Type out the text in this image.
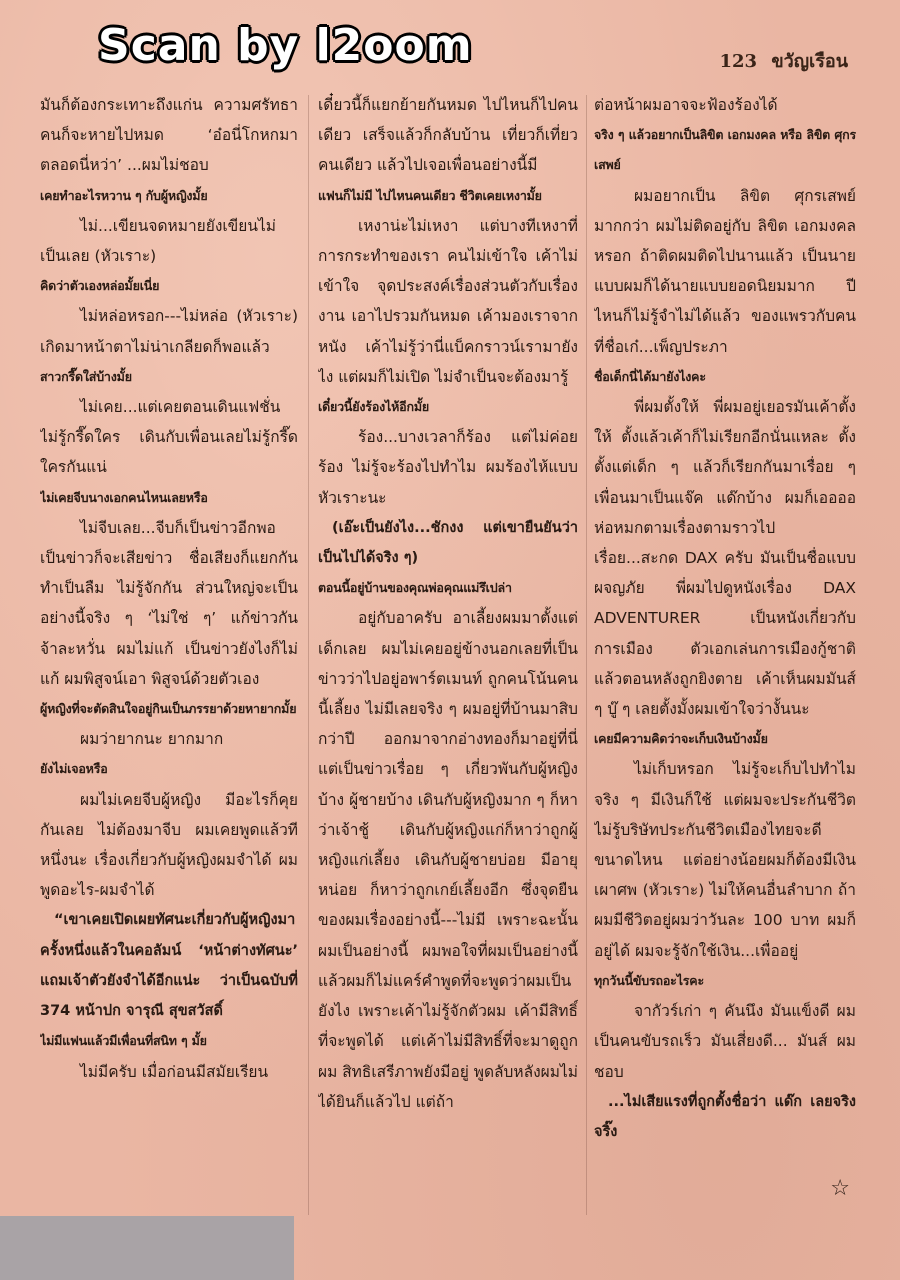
Scan by l2oom	123 ขวัญเรือน

มันก็ต้องกระเทาะถึงแก่น ความศรัทธาคนก็จะหายไปหมด ‘อ๋อนี่โกหกมาตลอดนี่หว่า’ ...ผมไม่ชอบ

เคยทำอะไรหวาน ๆ กับผู้หญิงมั้ย

ไม่...เขียนจดหมายยังเขียนไม่เป็นเลย (หัวเราะ)

คิดว่าตัวเองหล่อมั้ยเนี่ย

ไม่หล่อหรอก---ไม่หล่อ (หัวเราะ) เกิดมาหน้าตาไม่น่าเกลียดก็พอแล้ว

สาวกรี๊ดใส่บ้างมั้ย

ไม่เคย...แต่เคยตอนเดินแฟชั่นไม่รู้กรี๊ดใคร เดินกับเพื่อนเลยไม่รู้กรี๊ดใครกันแน่

ไม่เคยจีบนางเอกคนไหนเลยหรือ

ไม่จีบเลย...จีบก็เป็นข่าวอีกพอเป็นข่าวก็จะเสียข่าว ชื่อเสียงก็แยกกันทำเป็นลืม ไม่รู้จักกัน ส่วนใหญ่จะเป็นอย่างนี้จริง ๆ ‘ไม่ใช่ ๆ’ แก้ข่าวกันจ้าละหวั่น ผมไม่แก้ เป็นข่าวยังไงก็ไม่แก้ ผมพิสูจน์เอา พิสูจน์ด้วยตัวเอง

ผู้หญิงที่จะตัดสินใจอยู่กินเป็นภรรยาด้วยหายากมั้ย

ผมว่ายากนะ ยากมาก

ยังไม่เจอหรือ

ผมไม่เคยจีบผู้หญิง มีอะไรก็คุยกันเลย ไม่ต้องมาจีบ ผมเคยพูดแล้วทีหนึ่งนะ เรื่องเกี่ยวกับผู้หญิงผมจำได้ ผมพูดอะไร-ผมจำได้

“เขาเคยเปิดเผยทัศนะเกี่ยวกับผู้หญิงมาครั้งหนึ่งแล้วในคอลัมน์ ‘หน้าต่างทัศนะ’ แถมเจ้าตัวยังจำได้อีกแน่ะ ว่าเป็นฉบับที่ 374 หน้าปก จารุณี สุขสวัสดิ์

ไม่มีแฟนแล้วมีเพื่อนที่สนิท ๆ มั้ย

ไม่มีครับ เมื่อก่อนมีสมัยเรียน

เดี๋ยวนี้ก็แยกย้ายกันหมด ไปไหนก็ไปคนเดียว เสร็จแล้วก็กลับบ้าน เที่ยวก็เที่ยวคนเดียว แล้วไปเจอเพื่อนอย่างนี้มี

แฟนก็ไม่มี ไปไหนคนเดียว ชีวิตเคยเหงามั้ย

เหงาน่ะไม่เหงา แต่บางทีเหงาที่การกระทำของเรา คนไม่เข้าใจ เค้าไม่เข้าใจ จุดประสงค์เรื่องส่วนตัวกับเรื่องงาน เอาไปรวมกันหมด เค้ามองเราจากหนัง เค้าไม่รู้ว่านี่แบ็คกราวน์เรามายังไง แต่ผมก็ไม่เปิด ไม่จำเป็นจะต้องมารู้

เดี๋ยวนี้ยังร้องไห้อีกมั้ย

ร้อง...บางเวลาก็ร้อง แต่ไม่ค่อยร้อง ไม่รู้จะร้องไปทำไม ผมร้องไห้แบบหัวเราะนะ

(เอ๊ะเป็นยังไง...ชักงง แต่เขายืนยันว่าเป็นไปได้จริง ๆ)

ตอนนี้อยู่บ้านของคุณพ่อคุณแม่รึเปล่า

อยู่กับอาครับ อาเลี้ยงผมมาตั้งแต่เด็กเลย ผมไม่เคยอยู่ข้างนอกเลยที่เป็นข่าวว่าไปอยู่อพาร์ตเมนท์ ถูกคนโน้นคนนี้เลี้ยง ไม่มีเลยจริง ๆ ผมอยู่ที่บ้านมาสิบกว่าปี ออกมาจากอ่างทองก็มาอยู่ที่นี่ แต่เป็นข่าวเรื่อย ๆ เกี่ยวพันกับผู้หญิงบ้าง ผู้ชายบ้าง เดินกับผู้หญิงมาก ๆ ก็หาว่าเจ้าชู้ เดินกับผู้หญิงแก่ก็หาว่าถูกผู้หญิงแก่เลี้ยง เดินกับผู้ชายบ่อย มีอายุหน่อย ก็หาว่าถูกเกย์เลี้ยงอีก ซึ่งจุดยืนของผมเรื่องอย่างนี้---ไม่มี เพราะฉะนั้นผมเป็นอย่างนี้ ผมพอใจที่ผมเป็นอย่างนี้แล้วผมก็ไม่แคร์คำพูดที่จะพูดว่าผมเป็นยังไง เพราะเค้าไม่รู้จักตัวผม เค้ามีสิทธิ์ที่จะพูดได้ แต่เค้าไม่มีสิทธิ์ที่จะมาดูถูกผม สิทธิเสรีภาพยังมีอยู่ พูดลับหลังผมไม่ได้ยินก็แล้วไป แต่ถ้า

ต่อหน้าผมอาจจะฟ้องร้องได้

จริง ๆ แล้วอยากเป็นลิขิต เอกมงคล หรือ ลิขิต ศุกรเสพย์

ผมอยากเป็น ลิขิต ศุกรเสพย์มากกว่า ผมไม่ติดอยู่กับ ลิขิต เอกมงคล หรอก ถ้าติดผมติดไปนานแล้ว เป็นนายแบบผมก็ได้นายแบบยอดนิยมมาก ปีไหนก็ไม่รู้จำไม่ได้แล้ว ของแพรวกับคนที่ชื่อเก๋...เพ็ญประภา

ชื่อเด็กนี่ได้มายังไงคะ

พี่ผมตั้งให้ พี่ผมอยู่เยอรมันเค้าตั้งให้ ตั้งแล้วเค้าก็ไม่เรียกอีกนั่นแหละ ตั้งตั้งแต่เด็ก ๆ แล้วก็เรียกกันมาเรื่อย ๆ เพื่อนมาเป็นแจ๊ค แด๊กบ้าง ผมก็เออออห่อหมกตามเรื่องตามราวไปเรื่อย...สะกด DAX ครับ มันเป็นชื่อแบบผจญภัย พี่ผมไปดูหนังเรื่อง DAX ADVENTURER เป็นหนังเกี่ยวกับการเมือง ตัวเอกเล่นการเมืองกู้ชาติ แล้วตอนหลังถูกยิงตาย เค้าเห็นผมมันส์ ๆ บู๊ ๆ เลยตั้งมั้งผมเข้าใจว่างั้นนะ

เคยมีความคิดว่าจะเก็บเงินบ้างมั้ย

ไม่เก็บหรอก ไม่รู้จะเก็บไปทำไม จริง ๆ มีเงินก็ใช้ แต่ผมจะประกันชีวิต ไม่รู้บริษัทประกันชีวิตเมืองไทยจะดีขนาดไหน แต่อย่างน้อยผมก็ต้องมีเงินเผาศพ (หัวเราะ) ไม่ให้คนอื่นลำบาก ถ้าผมมีชีวิตอยู่ผมว่าวันละ 100 บาท ผมก็อยู่ได้ ผมจะรู้จักใช้เงิน...เพื่ออยู่

ทุกวันนี้ขับรถอะไรคะ

จากัวร์เก่า ๆ คันนึง มันแข็งดี ผมเป็นคนขับรถเร็ว มันเสี่ยงดี... มันส์ ผมชอบ

...ไม่เสียแรงที่ถูกตั้งชื่อว่า แด๊ก เลยจริงจริ๊ง

☆
